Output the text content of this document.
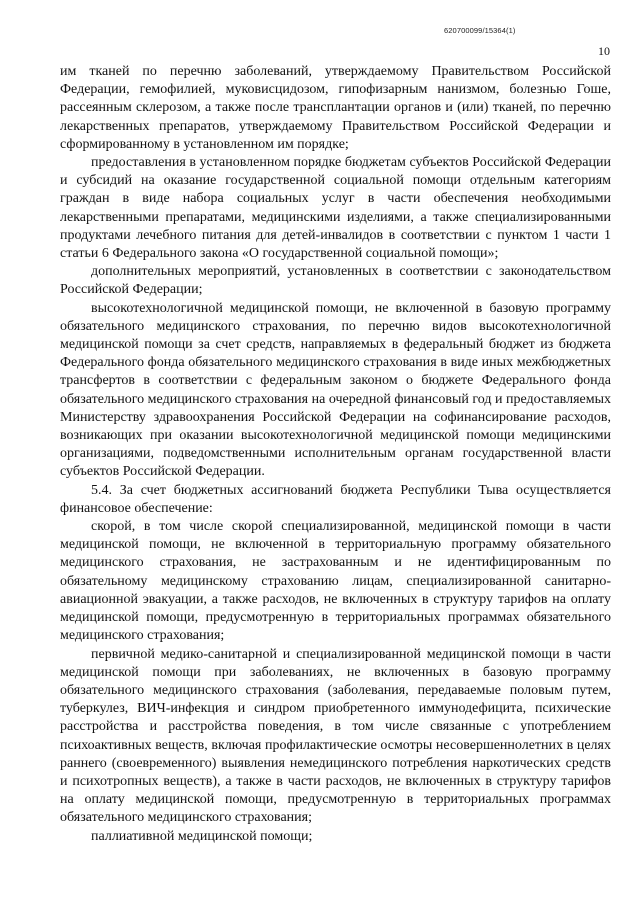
620700099/15364(1)
10

им тканей по перечню заболеваний, утверждаемому Правительством Российской Федерации, гемофилией, муковисцидозом, гипофизарным нанизмом, болезнью Гоше, рассеянным склерозом, а также после трансплантации органов и (или) тканей, по перечню лекарственных препаратов, утверждаемому Правительством Российской Федерации и сформированному в установленном им порядке;

предоставления в установленном порядке бюджетам субъектов Российской Федерации и субсидий на оказание государственной социальной помощи отдельным категориям граждан в виде набора социальных услуг в части обеспечения необходимыми лекарственными препаратами, медицинскими изделиями, а также специализированными продуктами лечебного питания для детей-инвалидов в соответствии с пунктом 1 части 1 статьи 6 Федерального закона «О государственной социальной помощи»;

дополнительных мероприятий, установленных в соответствии с законодательством Российской Федерации;

высокотехнологичной медицинской помощи, не включенной в базовую программу обязательного медицинского страхования, по перечню видов высокотехнологичной медицинской помощи за счет средств, направляемых в федеральный бюджет из бюджета Федерального фонда обязательного медицинского страхования в виде иных межбюджетных трансфертов в соответствии с федеральным законом о бюджете Федерального фонда обязательного медицинского страхования на очередной финансовый год и предоставляемых Министерству здравоохранения Российской Федерации на софинансирование расходов, возникающих при оказании высокотехнологичной медицинской помощи медицинскими организациями, подведомственными исполнительным органам государственной власти субъектов Российской Федерации.

5.4. За счет бюджетных ассигнований бюджета Республики Тыва осуществляется финансовое обеспечение:

скорой, в том числе скорой специализированной, медицинской помощи в части медицинской помощи, не включенной в территориальную программу обязательного медицинского страхования, не застрахованным и не идентифицированным по обязательному медицинскому страхованию лицам, специализированной санитарно-авиационной эвакуации, а также расходов, не включенных в структуру тарифов на оплату медицинской помощи, предусмотренную в территориальных программах обязательного медицинского страхования;

первичной медико-санитарной и специализированной медицинской помощи в части медицинской помощи при заболеваниях, не включенных в базовую программу обязательного медицинского страхования (заболевания, передаваемые половым путем, туберкулез, ВИЧ-инфекция и синдром приобретенного иммунодефицита, психические расстройства и расстройства поведения, в том числе связанные с употреблением психоактивных веществ, включая профилактические осмотры несовершеннолетних в целях раннего (своевременного) выявления немедицинского потребления наркотических средств и психотропных веществ), а также в части расходов, не включенных в структуру тарифов на оплату медицинской помощи, предусмотренную в территориальных программах обязательного медицинского страхования;

паллиативной медицинской помощи;
